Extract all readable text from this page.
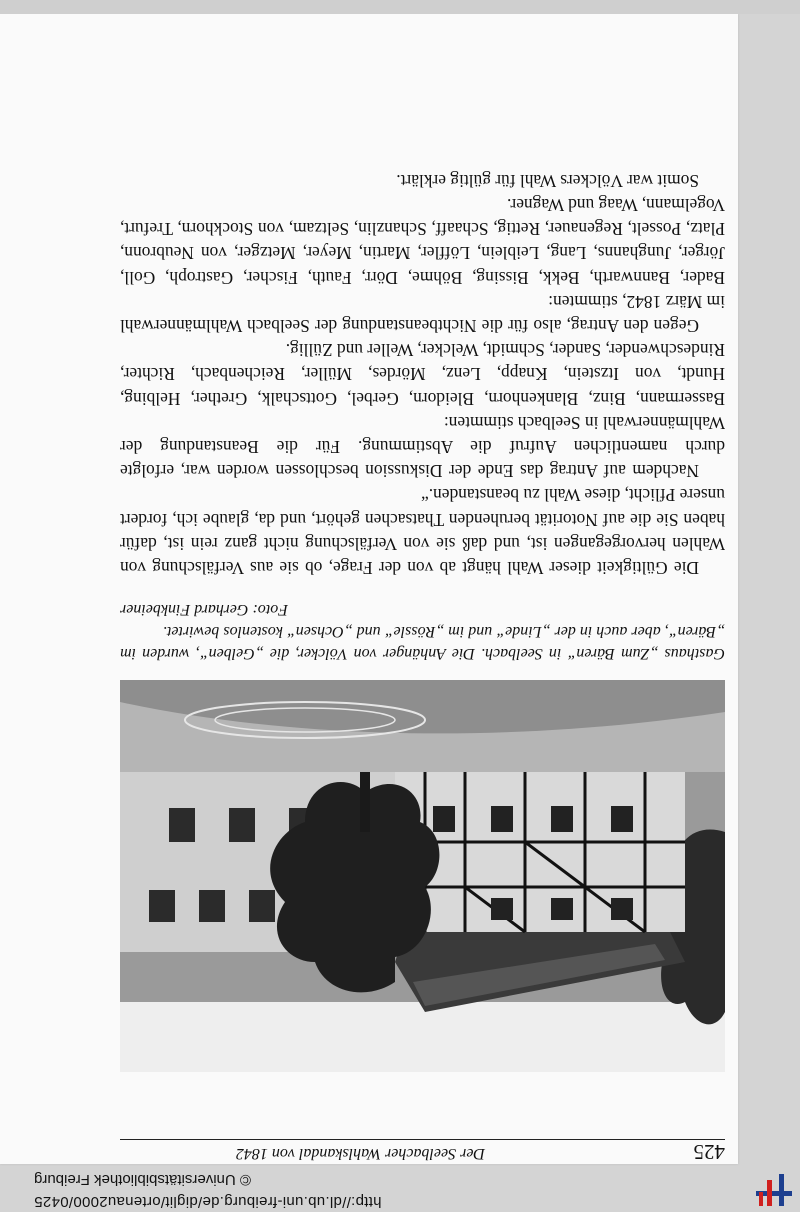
http://dl.ub.uni-freiburg.de/diglit/ortenau2000/0425
© Universitätsbibliothek Freiburg
425
Der Seelbacher Wahlskandal von 1842
Gasthaus „Zum Bären“ in Seelbach. Die Anhänger von Völcker, die „Gelben“, wurden im „Bären“, aber auch in der „Linde“ und im „Rössle“ und „Ochsen“ kostenlos bewirtet.
Foto: Gerhard Finkbeiner

Die Gültigkeit dieser Wahl hängt ab von der Frage, ob sie aus Verfälschung von Wahlen hervorgegangen ist, und daß sie von Verfälschung nicht ganz rein ist, dafür haben Sie die auf Notorität beruhenden Thatsachen gehört, und da, glaube ich, fordert unsere Pflicht, diese Wahl zu beanstanden.“

Nachdem auf Antrag das Ende der Diskussion beschlossen worden war, erfolgte durch namentlichen Aufruf die Abstimmung. Für die Beanstandung der Wahlmännerwahl in Seelbach stimmten:

Bassermann, Binz, Blankenhorn, Bleidorn, Gerbel, Gottschalk, Grether, Helbing, Hundt, von Itzstein, Knapp, Lenz, Mördes, Müller, Reichenbach, Richter, Rindeschwender, Sander, Schmidt, Welcker, Weller und Züllig.

Gegen den Antrag, also für die Nichtbeanstandung der Seelbach Wahlmännerwahl im März 1842, stimmten:

Bader, Bannwarth, Bekk, Bissing, Böhme, Dörr, Fauth, Fischer, Gastroph, Goll, Jörger, Junghanns, Lang, Leiblein, Löffler, Martin, Meyer, Metzger, von Neubronn, Platz, Posselt, Regenauer, Rettig, Schaaff, Schanzlin, Seltzam, von Stockhorn, Trefurt, Vogelmann, Waag und Wagner.

Somit war Völckers Wahl für gültig erklärt.
